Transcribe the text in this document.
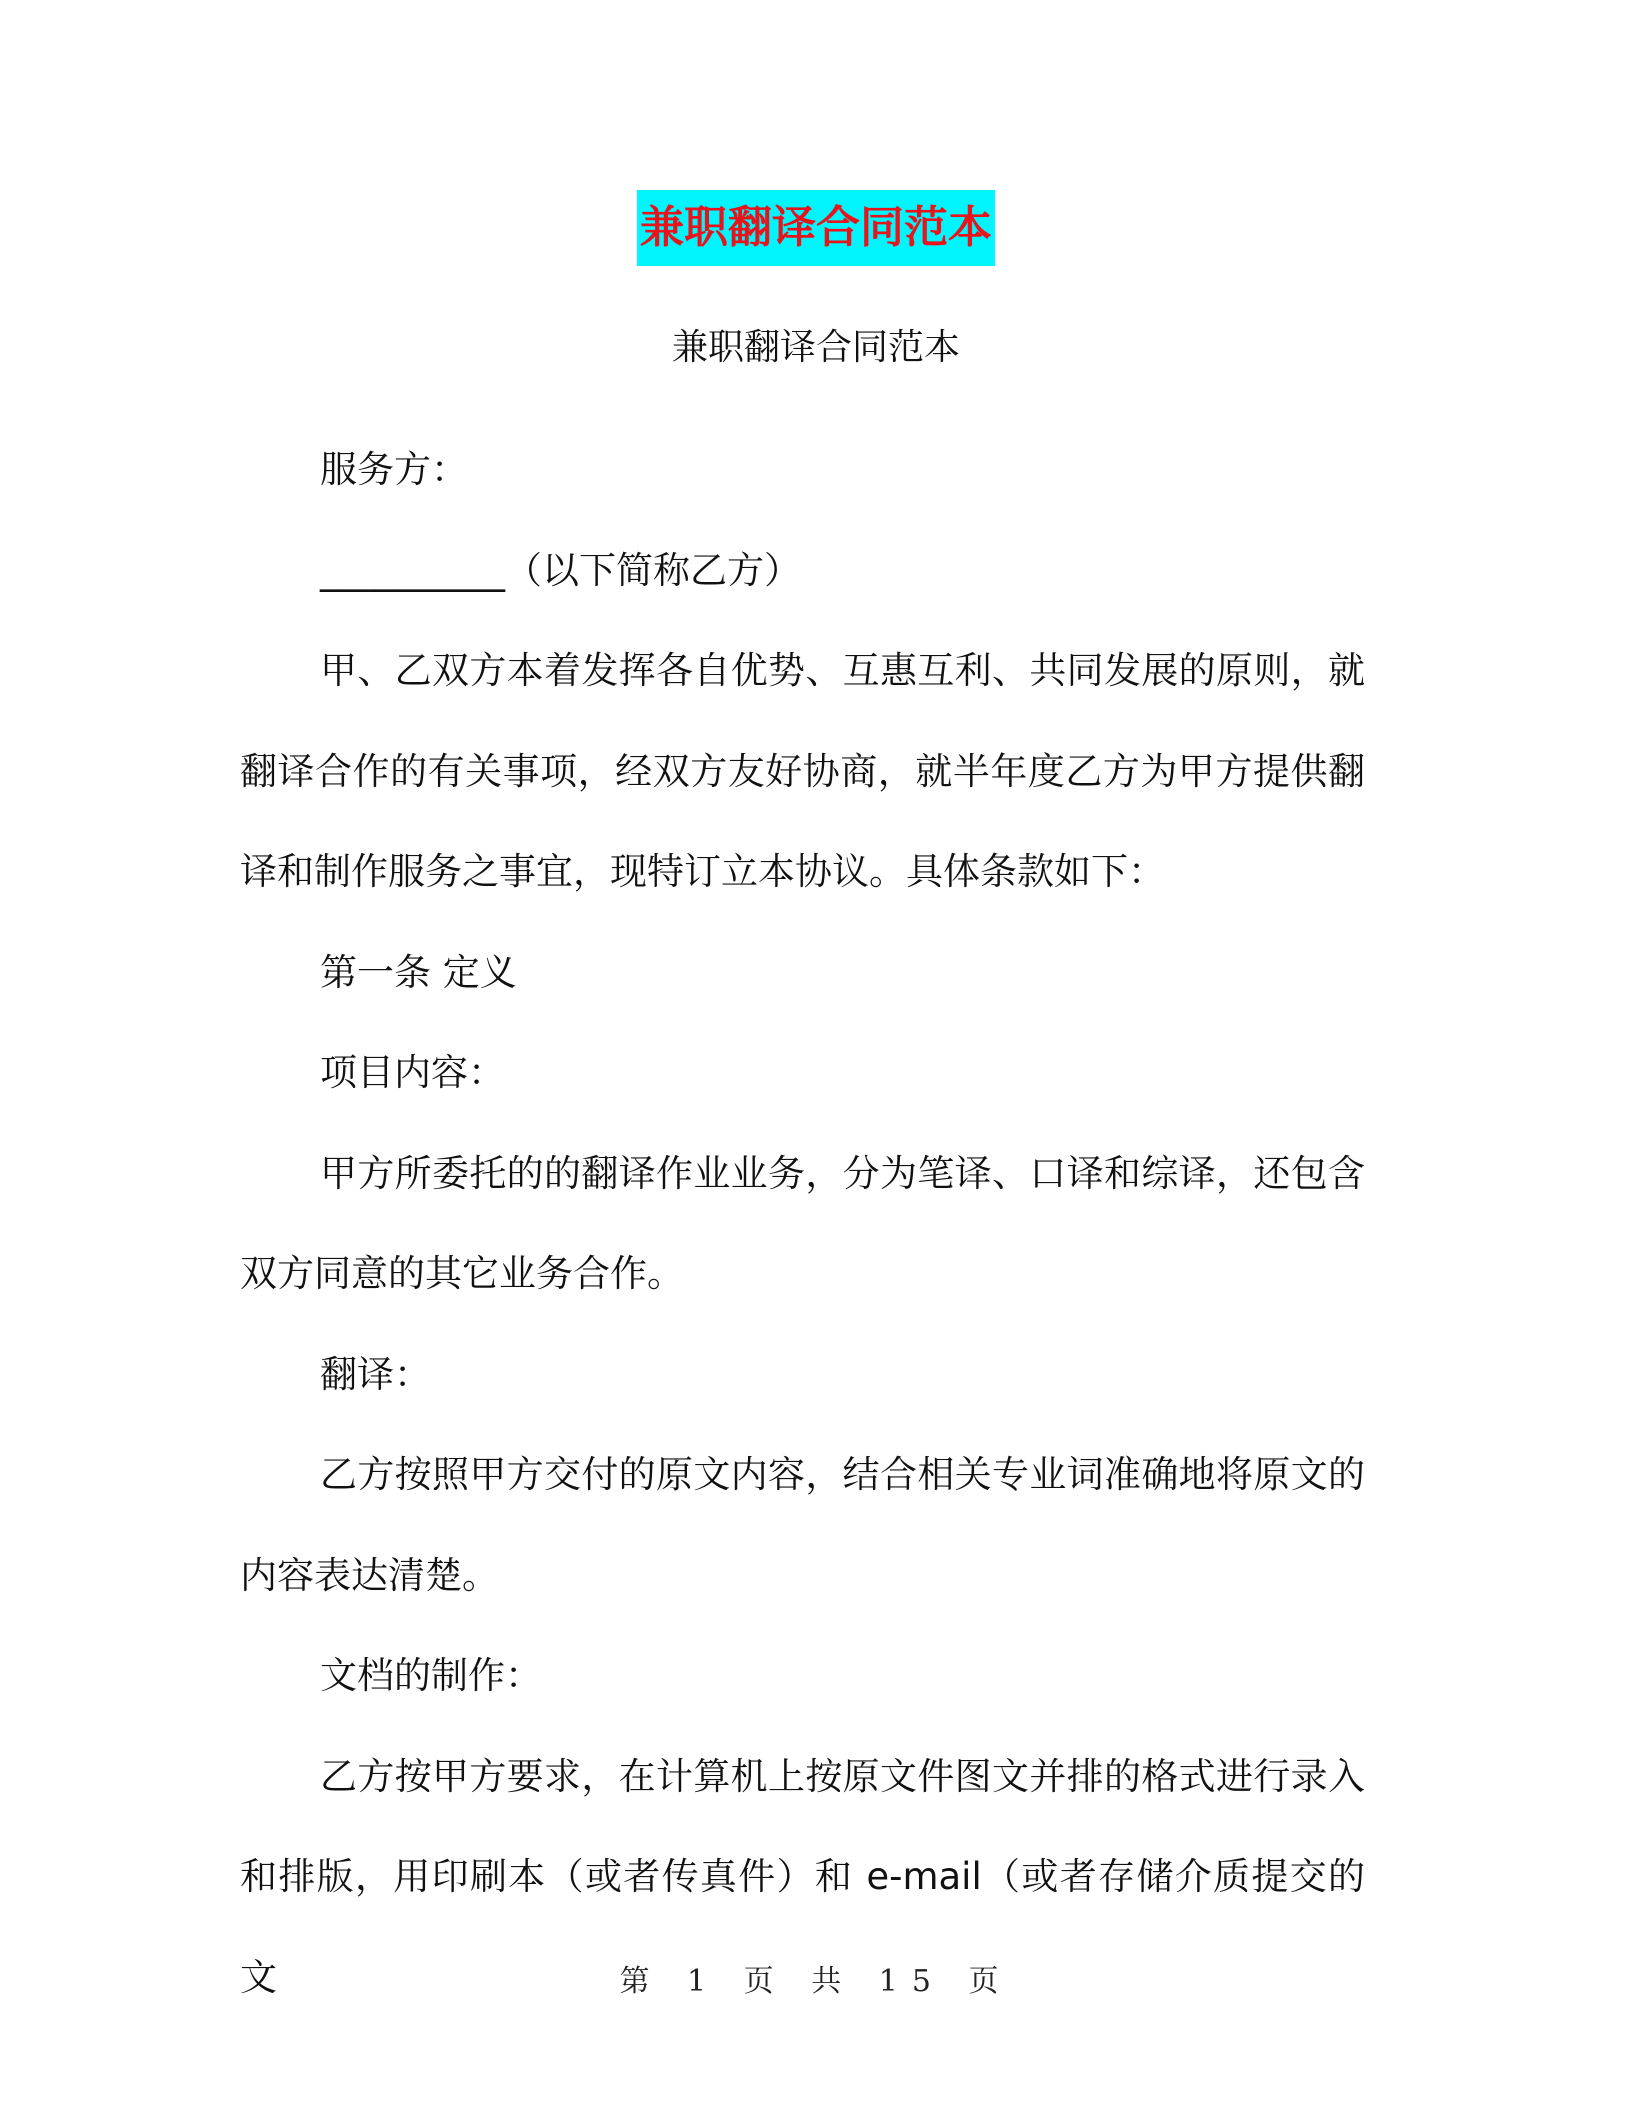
兼职翻译合同范本
兼职翻译合同范本

服务方：

__________（以下简称乙方）

甲、乙双方本着发挥各自优势、互惠互利、共同发展的原则，就翻译合作的有关事项，经双方友好协商，就半年度乙方为甲方提供翻译和制作服务之事宜，现特订立本协议。具体条款如下：

第一条 定义

项目内容：

甲方所委托的的翻译作业业务，分为笔译、口译和综译，还包含双方同意的其它业务合作。

翻译：

乙方按照甲方交付的原文内容，结合相关专业词准确地将原文的内容表达清楚。

文档的制作：

乙方按甲方要求，在计算机上按原文件图文并排的格式进行录入和排版，用印刷本（或者传真件）和 e-mail（或者存储介质提交的文	第 1 页 共 15 页
